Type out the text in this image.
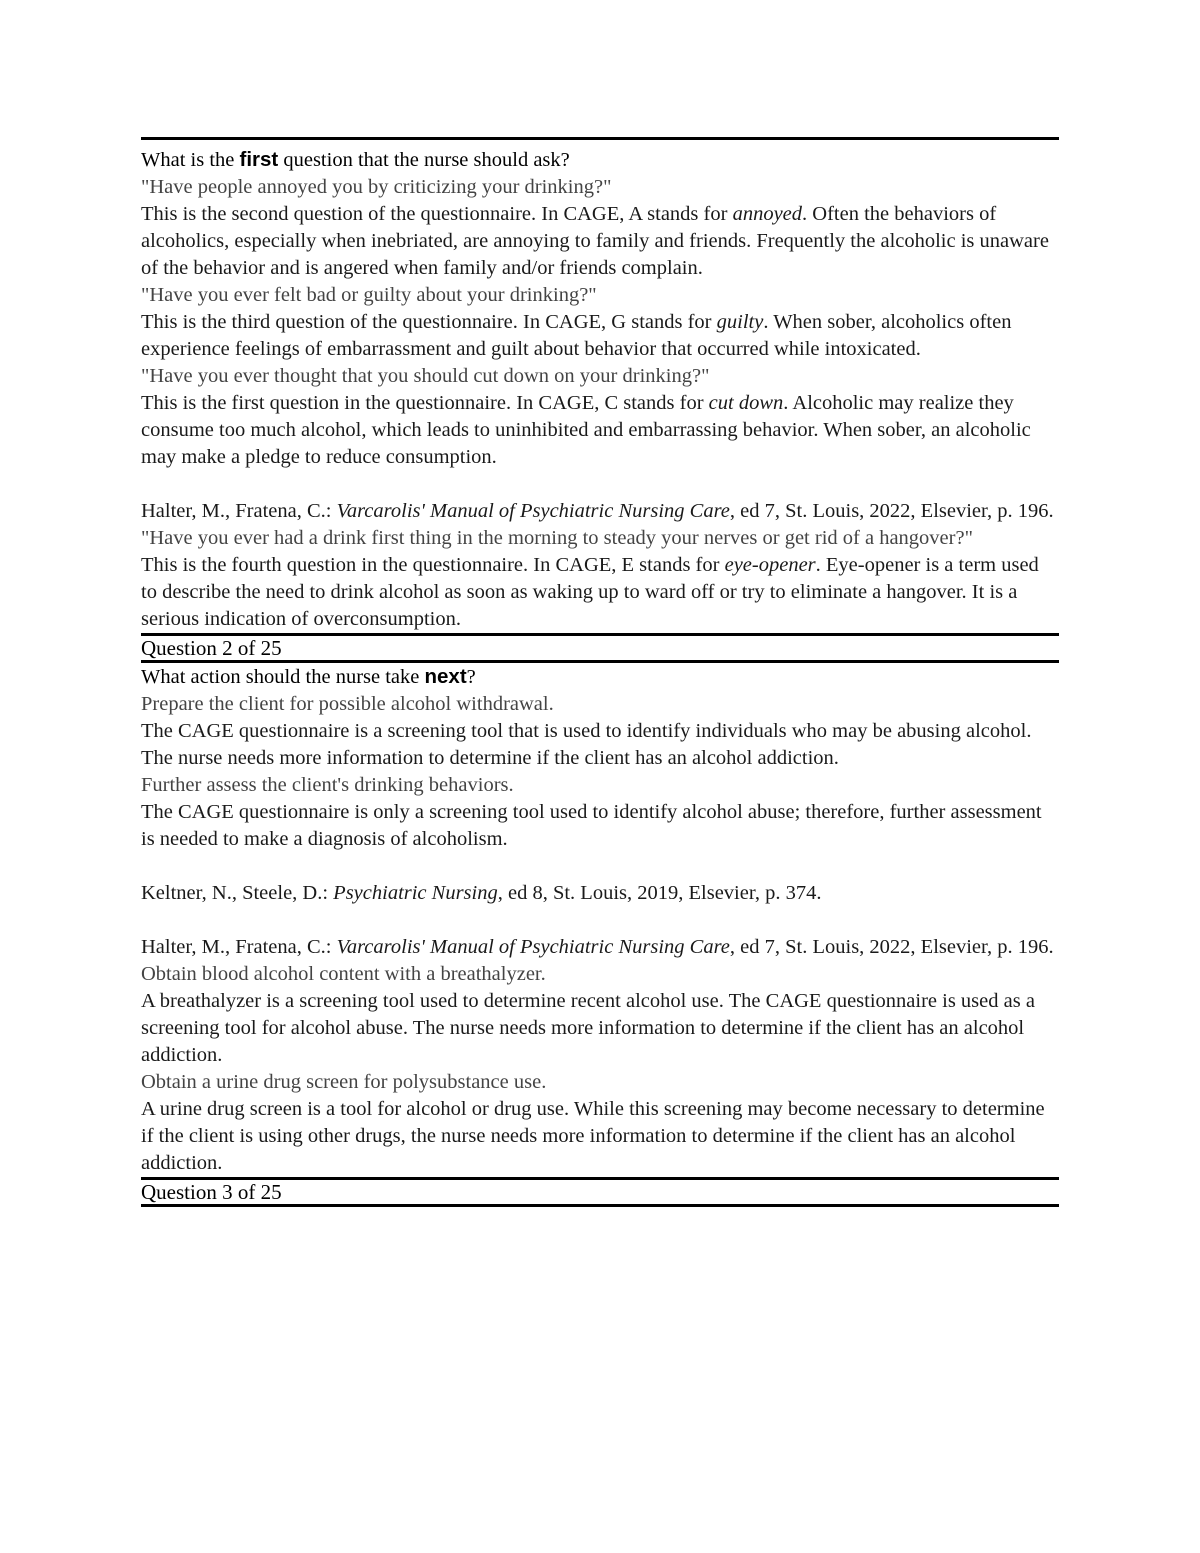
What is the first question that the nurse should ask?

"Have people annoyed you by criticizing your drinking?"

This is the second question of the questionnaire. In CAGE, A stands for annoyed. Often the behaviors of alcoholics, especially when inebriated, are annoying to family and friends. Frequently the alcoholic is unaware of the behavior and is angered when family and/or friends complain.

"Have you ever felt bad or guilty about your drinking?"

This is the third question of the questionnaire. In CAGE, G stands for guilty. When sober, alcoholics often experience feelings of embarrassment and guilt about behavior that occurred while intoxicated.

"Have you ever thought that you should cut down on your drinking?"

This is the first question in the questionnaire. In CAGE, C stands for cut down. Alcoholic may realize they consume too much alcohol, which leads to uninhibited and embarrassing behavior. When sober, an alcoholic may make a pledge to reduce consumption.

Halter, M., Fratena, C.: Varcarolis' Manual of Psychiatric Nursing Care, ed 7, St. Louis, 2022, Elsevier, p. 196.

"Have you ever had a drink first thing in the morning to steady your nerves or get rid of a hangover?"

This is the fourth question in the questionnaire. In CAGE, E stands for eye-opener. Eye-opener is a term used to describe the need to drink alcohol as soon as waking up to ward off or try to eliminate a hangover. It is a serious indication of overconsumption.

Question 2 of 25

What action should the nurse take next?

Prepare the client for possible alcohol withdrawal.

The CAGE questionnaire is a screening tool that is used to identify individuals who may be abusing alcohol. The nurse needs more information to determine if the client has an alcohol addiction.

Further assess the client's drinking behaviors.

The CAGE questionnaire is only a screening tool used to identify alcohol abuse; therefore, further assessment is needed to make a diagnosis of alcoholism.

Keltner, N., Steele, D.: Psychiatric Nursing, ed 8, St. Louis, 2019, Elsevier, p. 374.

Halter, M., Fratena, C.: Varcarolis' Manual of Psychiatric Nursing Care, ed 7, St. Louis, 2022, Elsevier, p. 196.

Obtain blood alcohol content with a breathalyzer.

A breathalyzer is a screening tool used to determine recent alcohol use. The CAGE questionnaire is used as a screening tool for alcohol abuse. The nurse needs more information to determine if the client has an alcohol addiction.

Obtain a urine drug screen for polysubstance use.

A urine drug screen is a tool for alcohol or drug use. While this screening may become necessary to determine if the client is using other drugs, the nurse needs more information to determine if the client has an alcohol addiction.

Question 3 of 25
